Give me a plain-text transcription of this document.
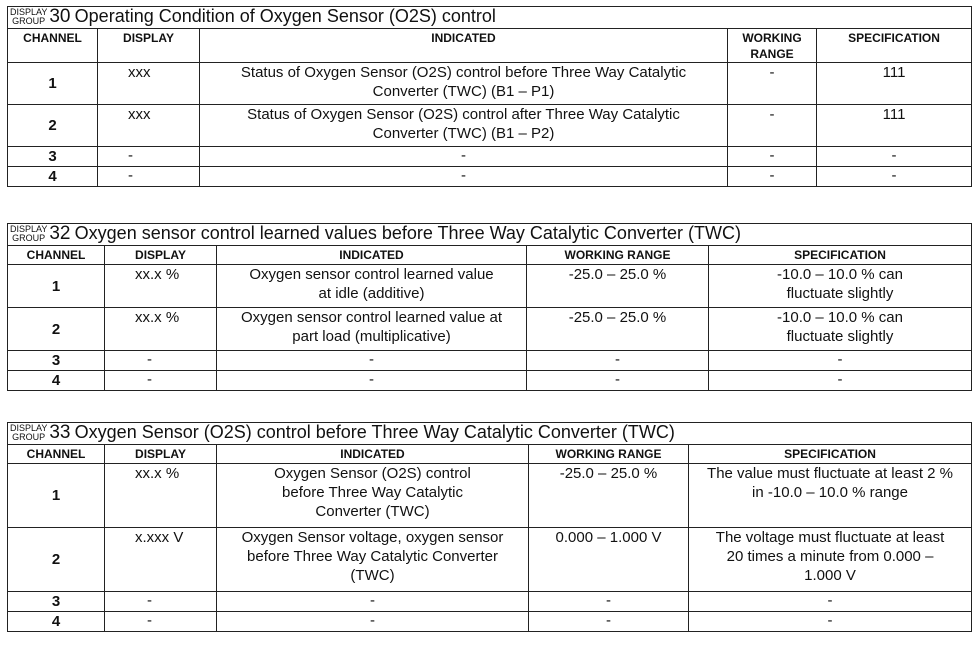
DISPLAY
GROUP 30 Operating Condition of Oxygen Sensor (O2S) control				
CHANNEL	DISPLAY	INDICATED	WORKING RANGE	SPECIFICATION
1	xxx	Status of Oxygen Sensor (O2S) control before Three Way Catalytic Converter (TWC) (B1 – P1)	-	111
2	xxx	Status of Oxygen Sensor (O2S) control after Three Way Catalytic Converter (TWC) (B1 – P2)	-	111
3	-	-	-	-
4	-	-	-	-
DISPLAY
GROUP 32 Oxygen sensor control learned values before Three Way Catalytic Converter (TWC)				
CHANNEL	DISPLAY	INDICATED	WORKING RANGE	SPECIFICATION
1	xx.x %	Oxygen sensor control learned value at idle (additive)	-25.0 – 25.0 %	-10.0 – 10.0 % can fluctuate slightly
2	xx.x %	Oxygen sensor control learned value at part load (multiplicative)	-25.0 – 25.0 %	-10.0 – 10.0 % can fluctuate slightly
3	-	-	-	-
4	-	-	-	-
DISPLAY
GROUP 33 Oxygen Sensor (O2S) control before Three Way Catalytic Converter (TWC)				
CHANNEL	DISPLAY	INDICATED	WORKING RANGE	SPECIFICATION
1	xx.x %	Oxygen Sensor (O2S) control before Three Way Catalytic Converter (TWC)	-25.0 – 25.0 %	The value must fluctuate at least 2 % in -10.0 – 10.0 % range
2	x.xxx V	Oxygen Sensor voltage, oxygen sensor before Three Way Catalytic Converter (TWC)	0.000 – 1.000 V	The voltage must fluctuate at least 20 times a minute from 0.000 – 1.000 V
3	-	-	-	-
4	-	-	-	-
